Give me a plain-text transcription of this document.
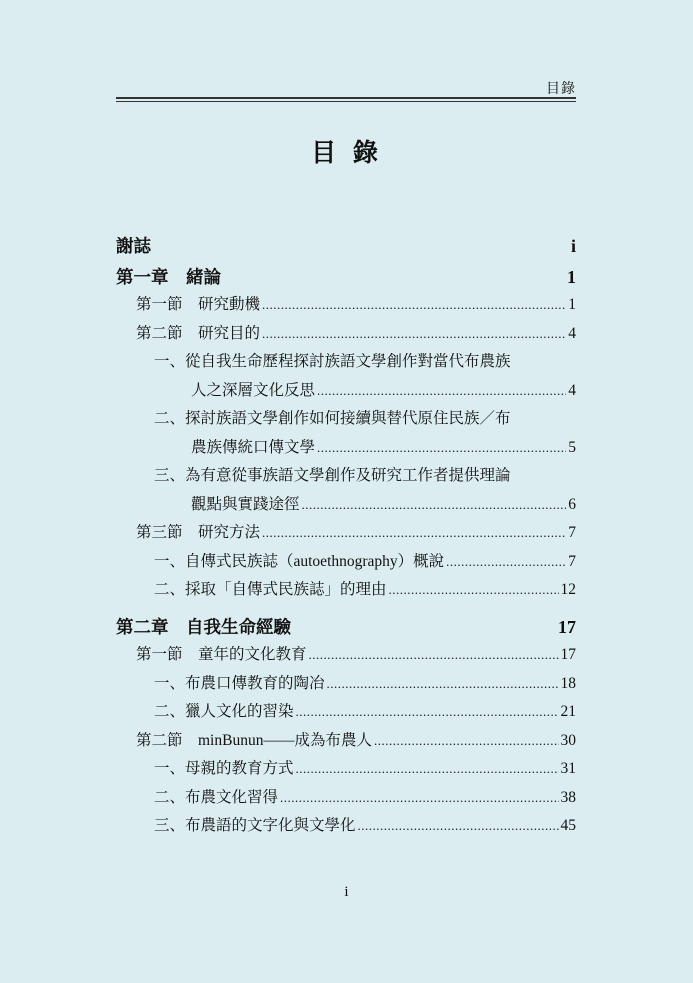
目錄
目 錄
謝誌	i
第一章　緒論	1
第一節　研究動機 .....	1
第二節　研究目的 .....	4
一、從自我生命歷程探討族語文學創作對當代布農族
人之深層文化反思 .....	4
二、探討族語文學創作如何接續與替代原住民族／布
農族傳統口傳文學 .....	5
三、為有意從事族語文學創作及研究工作者提供理論
觀點與實踐途徑 .....	6
第三節　研究方法 .....	7
一、自傳式民族誌（autoethnography）概說 .....	7
二、採取「自傳式民族誌」的理由 .....	12
第二章　自我生命經驗	17
第一節　童年的文化教育 .....	17
一、布農口傳教育的陶冶 .....	18
二、獵人文化的習染 .....	21
第二節　minBunun——成為布農人 .....	30
一、母親的教育方式 .....	31
二、布農文化習得 .....	38
三、布農語的文字化與文學化 .....	45
i
